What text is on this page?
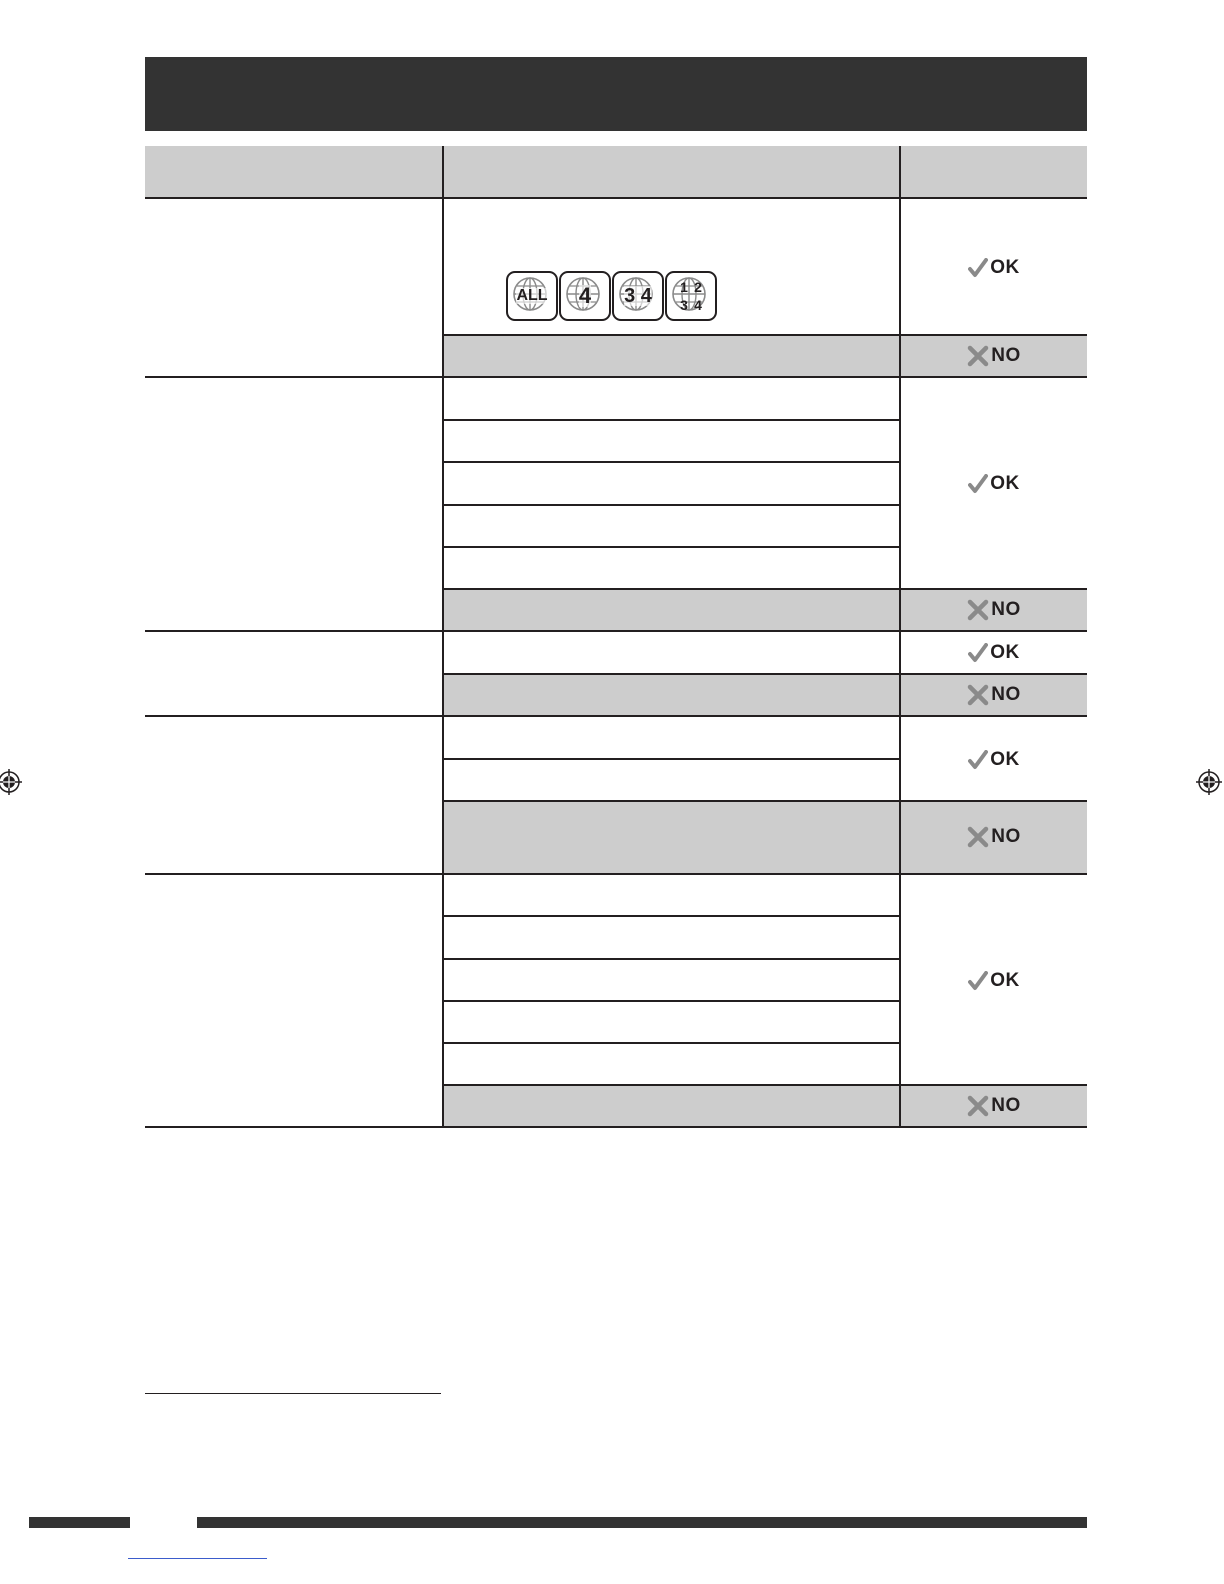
ALL 4 3 4 1 2
3 4
OK
NO
OK
NO
OK
NO
OK
NO
OK
NO
